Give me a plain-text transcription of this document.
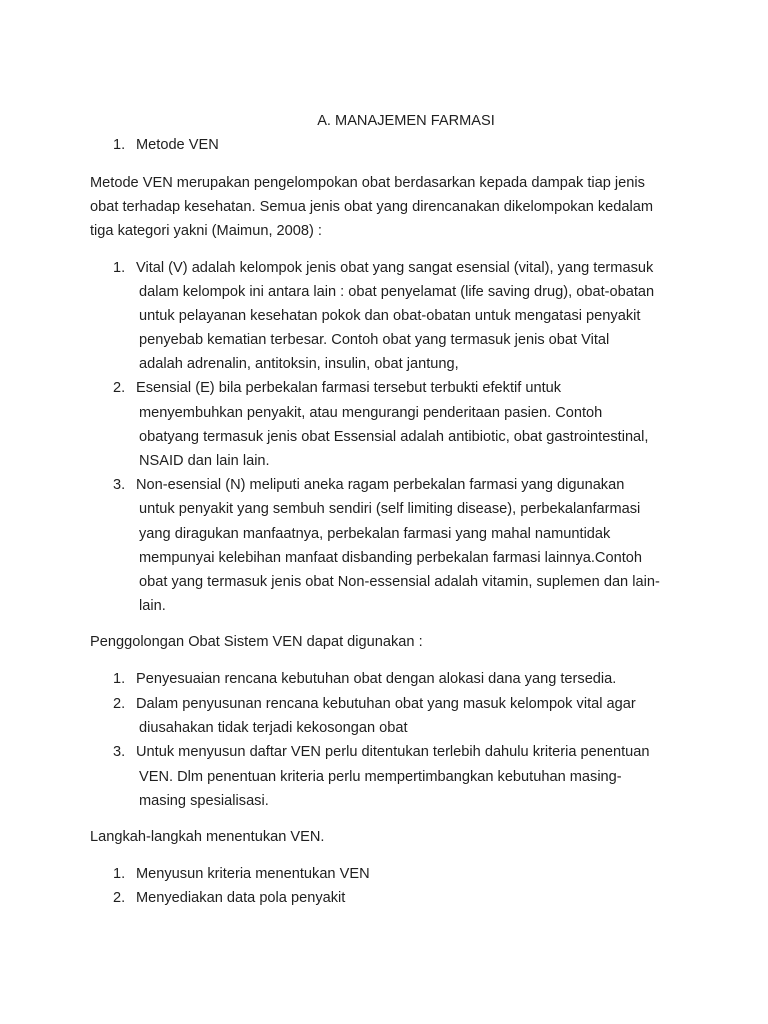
A. MANAJEMEN FARMASI
1. Metode VEN
Metode VEN merupakan pengelompokan obat berdasarkan kepada dampak tiap jenis
obat terhadap kesehatan. Semua jenis obat yang direncanakan dikelompokan kedalam
tiga kategori yakni (Maimun, 2008) :
1. Vital (V) adalah kelompok jenis obat yang sangat esensial (vital), yang termasuk
dalam kelompok ini antara lain : obat penyelamat (life saving drug), obat-obatan
untuk pelayanan kesehatan pokok dan obat-obatan untuk mengatasi penyakit
penyebab kematian terbesar. Contoh obat yang termasuk jenis obat Vital
adalah adrenalin, antitoksin, insulin, obat jantung,
2. Esensial (E) bila perbekalan farmasi tersebut terbukti efektif untuk
menyembuhkan penyakit, atau mengurangi penderitaan pasien. Contoh
obatyang termasuk jenis obat Essensial adalah antibiotic, obat gastrointestinal,
NSAID dan lain lain.
3. Non-esensial (N) meliputi aneka ragam perbekalan farmasi yang digunakan
untuk penyakit yang sembuh sendiri (self limiting disease), perbekalanfarmasi
yang diragukan manfaatnya, perbekalan farmasi yang mahal namuntidak
mempunyai kelebihan manfaat disbanding perbekalan farmasi lainnya.Contoh
obat yang termasuk jenis obat Non-essensial adalah vitamin, suplemen dan lain-
lain.
Penggolongan Obat Sistem VEN dapat digunakan :
1. Penyesuaian rencana kebutuhan obat dengan alokasi dana yang tersedia.
2. Dalam penyusunan rencana kebutuhan obat yang masuk kelompok vital agar
diusahakan tidak terjadi kekosongan obat
3. Untuk menyusun daftar VEN perlu ditentukan terlebih dahulu kriteria penentuan
VEN. Dlm penentuan kriteria perlu mempertimbangkan kebutuhan masing-
masing spesialisasi.
Langkah-langkah menentukan VEN.
1. Menyusun kriteria menentukan VEN
2. Menyediakan data pola penyakit
